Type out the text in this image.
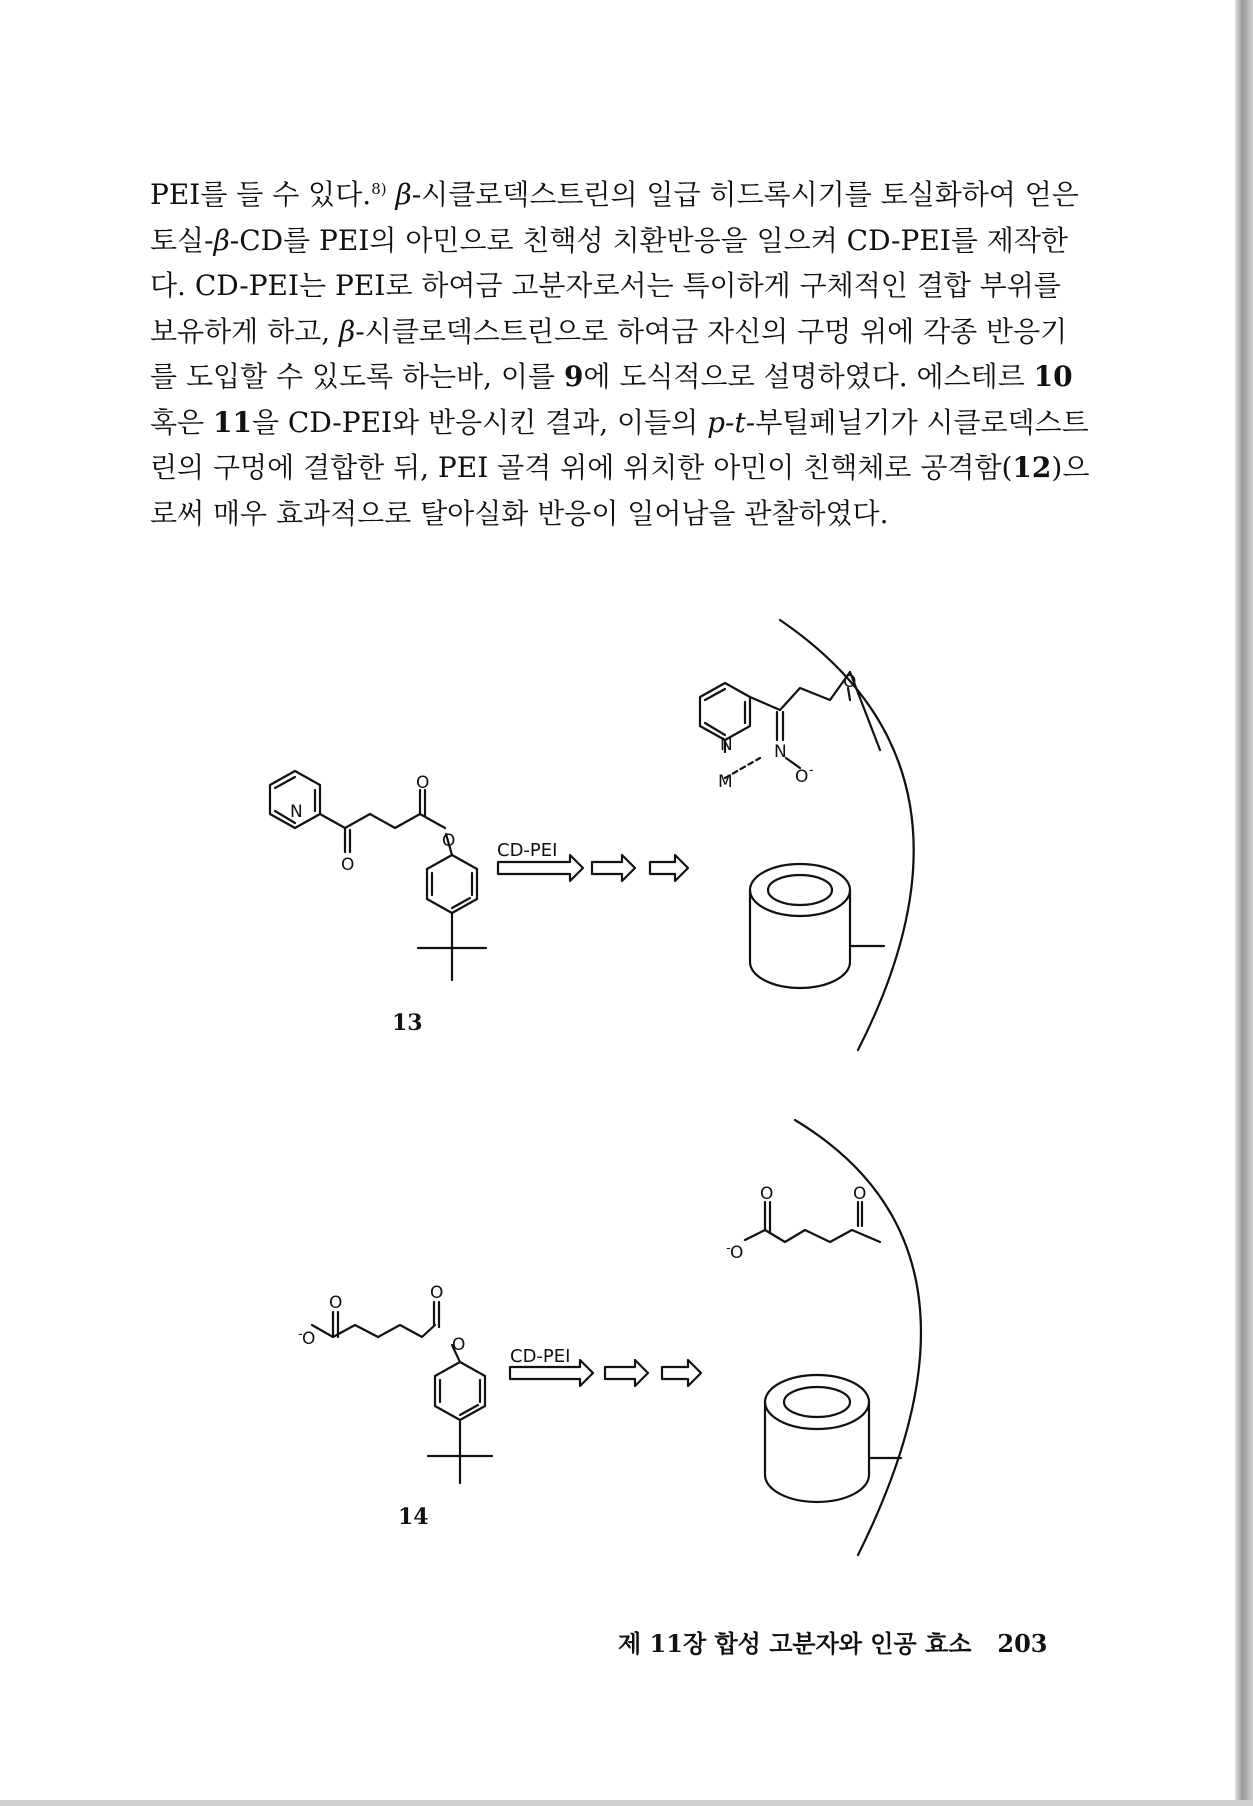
PEI를 들 수 있다.$^{8)}$ β-시클로덱스트린의 일급 히드록시기를 토실화하여 얻은
토실-β-CD를 PEI의 아민으로 친핵성 치환반응을 일으켜 CD-PEI를 제작한
다. CD-PEI는 PEI로 하여금 고분자로서는 특이하게 구체적인 결합 부위를
보유하게 하고, β-시클로덱스트린으로 하여금 자신의 구멍 위에 각종 반응기
를 도입할 수 있도록 하는바, 이를 9에 도식적으로 설명하였다. 에스테르 10
혹은 11을 CD-PEI와 반응시킨 결과, 이들의 p-t-부틸페닐기가 시클로덱스트
린의 구멍에 결합한 뒤, PEI 골격 위에 위치한 아민이 친핵체로 공격함(12)으
로써 매우 효과적으로 탈아실화 반응이 일어남을 관찰하였다.
N
O
O
O CD-PEI
N
M
N
O -
O
- O
O	O
O
CD-PEI
- O
O	O
13
14
제 11장 합성 고분자와 인공 효소 203
